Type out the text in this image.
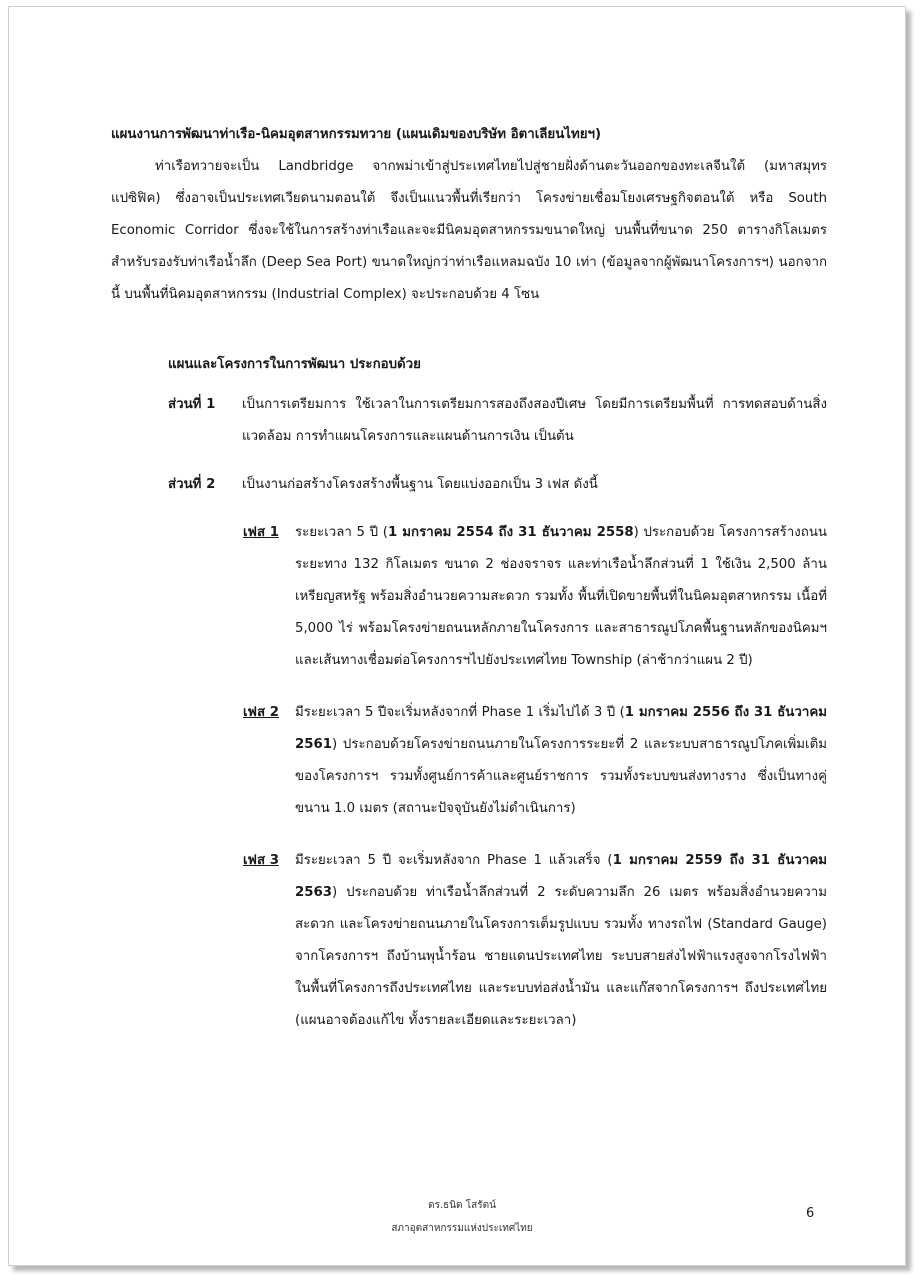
แผนงานการพัฒนาท่าเรือ-นิคมอุตสาหกรรมทวาย (แผนเดิมของบริษัท อิตาเลียนไทยฯ)

ท่าเรือทวายจะเป็น Landbridge จากพม่าเข้าสู่ประเทศไทยไปสู่ชายฝั่งด้านตะวันออกของทะเลจีนใต้ (มหาสมุทรแปซิฟิค) ซึ่งอาจเป็นประเทศเวียดนามตอนใต้ จึงเป็นแนวพื้นที่เรียกว่า โครงข่ายเชื่อมโยงเศรษฐกิจตอนใต้ หรือ South Economic Corridor ซึ่งจะใช้ในการสร้างท่าเรือและจะมีนิคมอุตสาหกรรมขนาดใหญ่ บนพื้นที่ขนาด 250 ตารางกิโลเมตร สำหรับรองรับท่าเรือน้ำลึก (Deep Sea Port) ขนาดใหญ่กว่าท่าเรือแหลมฉบัง 10 เท่า (ข้อมูลจากผู้พัฒนาโครงการฯ) นอกจากนี้ บนพื้นที่นิคมอุตสาหกรรม (Industrial Complex) จะประกอบด้วย 4 โซน

แผนและโครงการในการพัฒนา ประกอบด้วย

ส่วนที่ 1	เป็นการเตรียมการ ใช้เวลาในการเตรียมการสองถึงสองปีเศษ โดยมีการเตรียมพื้นที่ การทดสอบด้านสิ่งแวดล้อม การทำแผนโครงการและแผนด้านการเงิน เป็นต้น
ส่วนที่ 2	เป็นงานก่อสร้างโครงสร้างพื้นฐาน โดยแบ่งออกเป็น 3 เฟส ดังนี้
เฟส 1	ระยะเวลา 5 ปี (1 มกราคม 2554 ถึง 31 ธันวาคม 2558) ประกอบด้วย โครงการสร้างถนน ระยะทาง 132 กิโลเมตร ขนาด 2 ช่องจราจร และท่าเรือน้ำลึกส่วนที่ 1 ใช้เงิน 2,500 ล้านเหรียญสหรัฐ พร้อมสิ่งอำนวยความสะดวก รวมทั้ง พื้นที่เปิดขายพื้นที่ในนิคมอุตสาหกรรม เนื้อที่ 5,000 ไร่ พร้อมโครงข่ายถนนหลักภายในโครงการ และสาธารณูปโภคพื้นฐานหลักของนิคมฯ และเส้นทางเชื่อมต่อโครงการฯไปยังประเทศไทย Township (ล่าช้ากว่าแผน 2 ปี)
เฟส 2	มีระยะเวลา 5 ปีจะเริ่มหลังจากที่ Phase 1 เริ่มไปได้ 3 ปี (1 มกราคม 2556 ถึง 31 ธันวาคม 2561) ประกอบด้วยโครงข่ายถนนภายในโครงการระยะที่ 2 และระบบสาธารณูปโภคเพิ่มเติมของโครงการฯ รวมทั้งศูนย์การค้าและศูนย์ราชการ รวมทั้งระบบขนส่งทางราง ซึ่งเป็นทางคู่ขนาน 1.0 เมตร (สถานะปัจจุบันยังไม่ดำเนินการ)
เฟส 3	มีระยะเวลา 5 ปี จะเริ่มหลังจาก Phase 1 แล้วเสร็จ (1 มกราคม 2559 ถึง 31 ธันวาคม 2563) ประกอบด้วย ท่าเรือน้ำลึกส่วนที่ 2 ระดับความลึก 26 เมตร พร้อมสิ่งอำนวยความสะดวก และโครงข่ายถนนภายในโครงการเต็มรูปแบบ รวมทั้ง ทางรถไฟ (Standard Gauge) จากโครงการฯ ถึงบ้านพุน้ำร้อน ชายแดนประเทศไทย ระบบสายส่งไฟฟ้าแรงสูงจากโรงไฟฟ้าในพื้นที่โครงการถึงประเทศไทย และระบบท่อส่งน้ำมัน และแก๊สจากโครงการฯ ถึงประเทศไทย (แผนอาจต้องแก้ไข ทั้งรายละเอียดและระยะเวลา)
ดร.ธนิต โสรัตน์
สภาอุตสาหกรรมแห่งประเทศไทย
6
